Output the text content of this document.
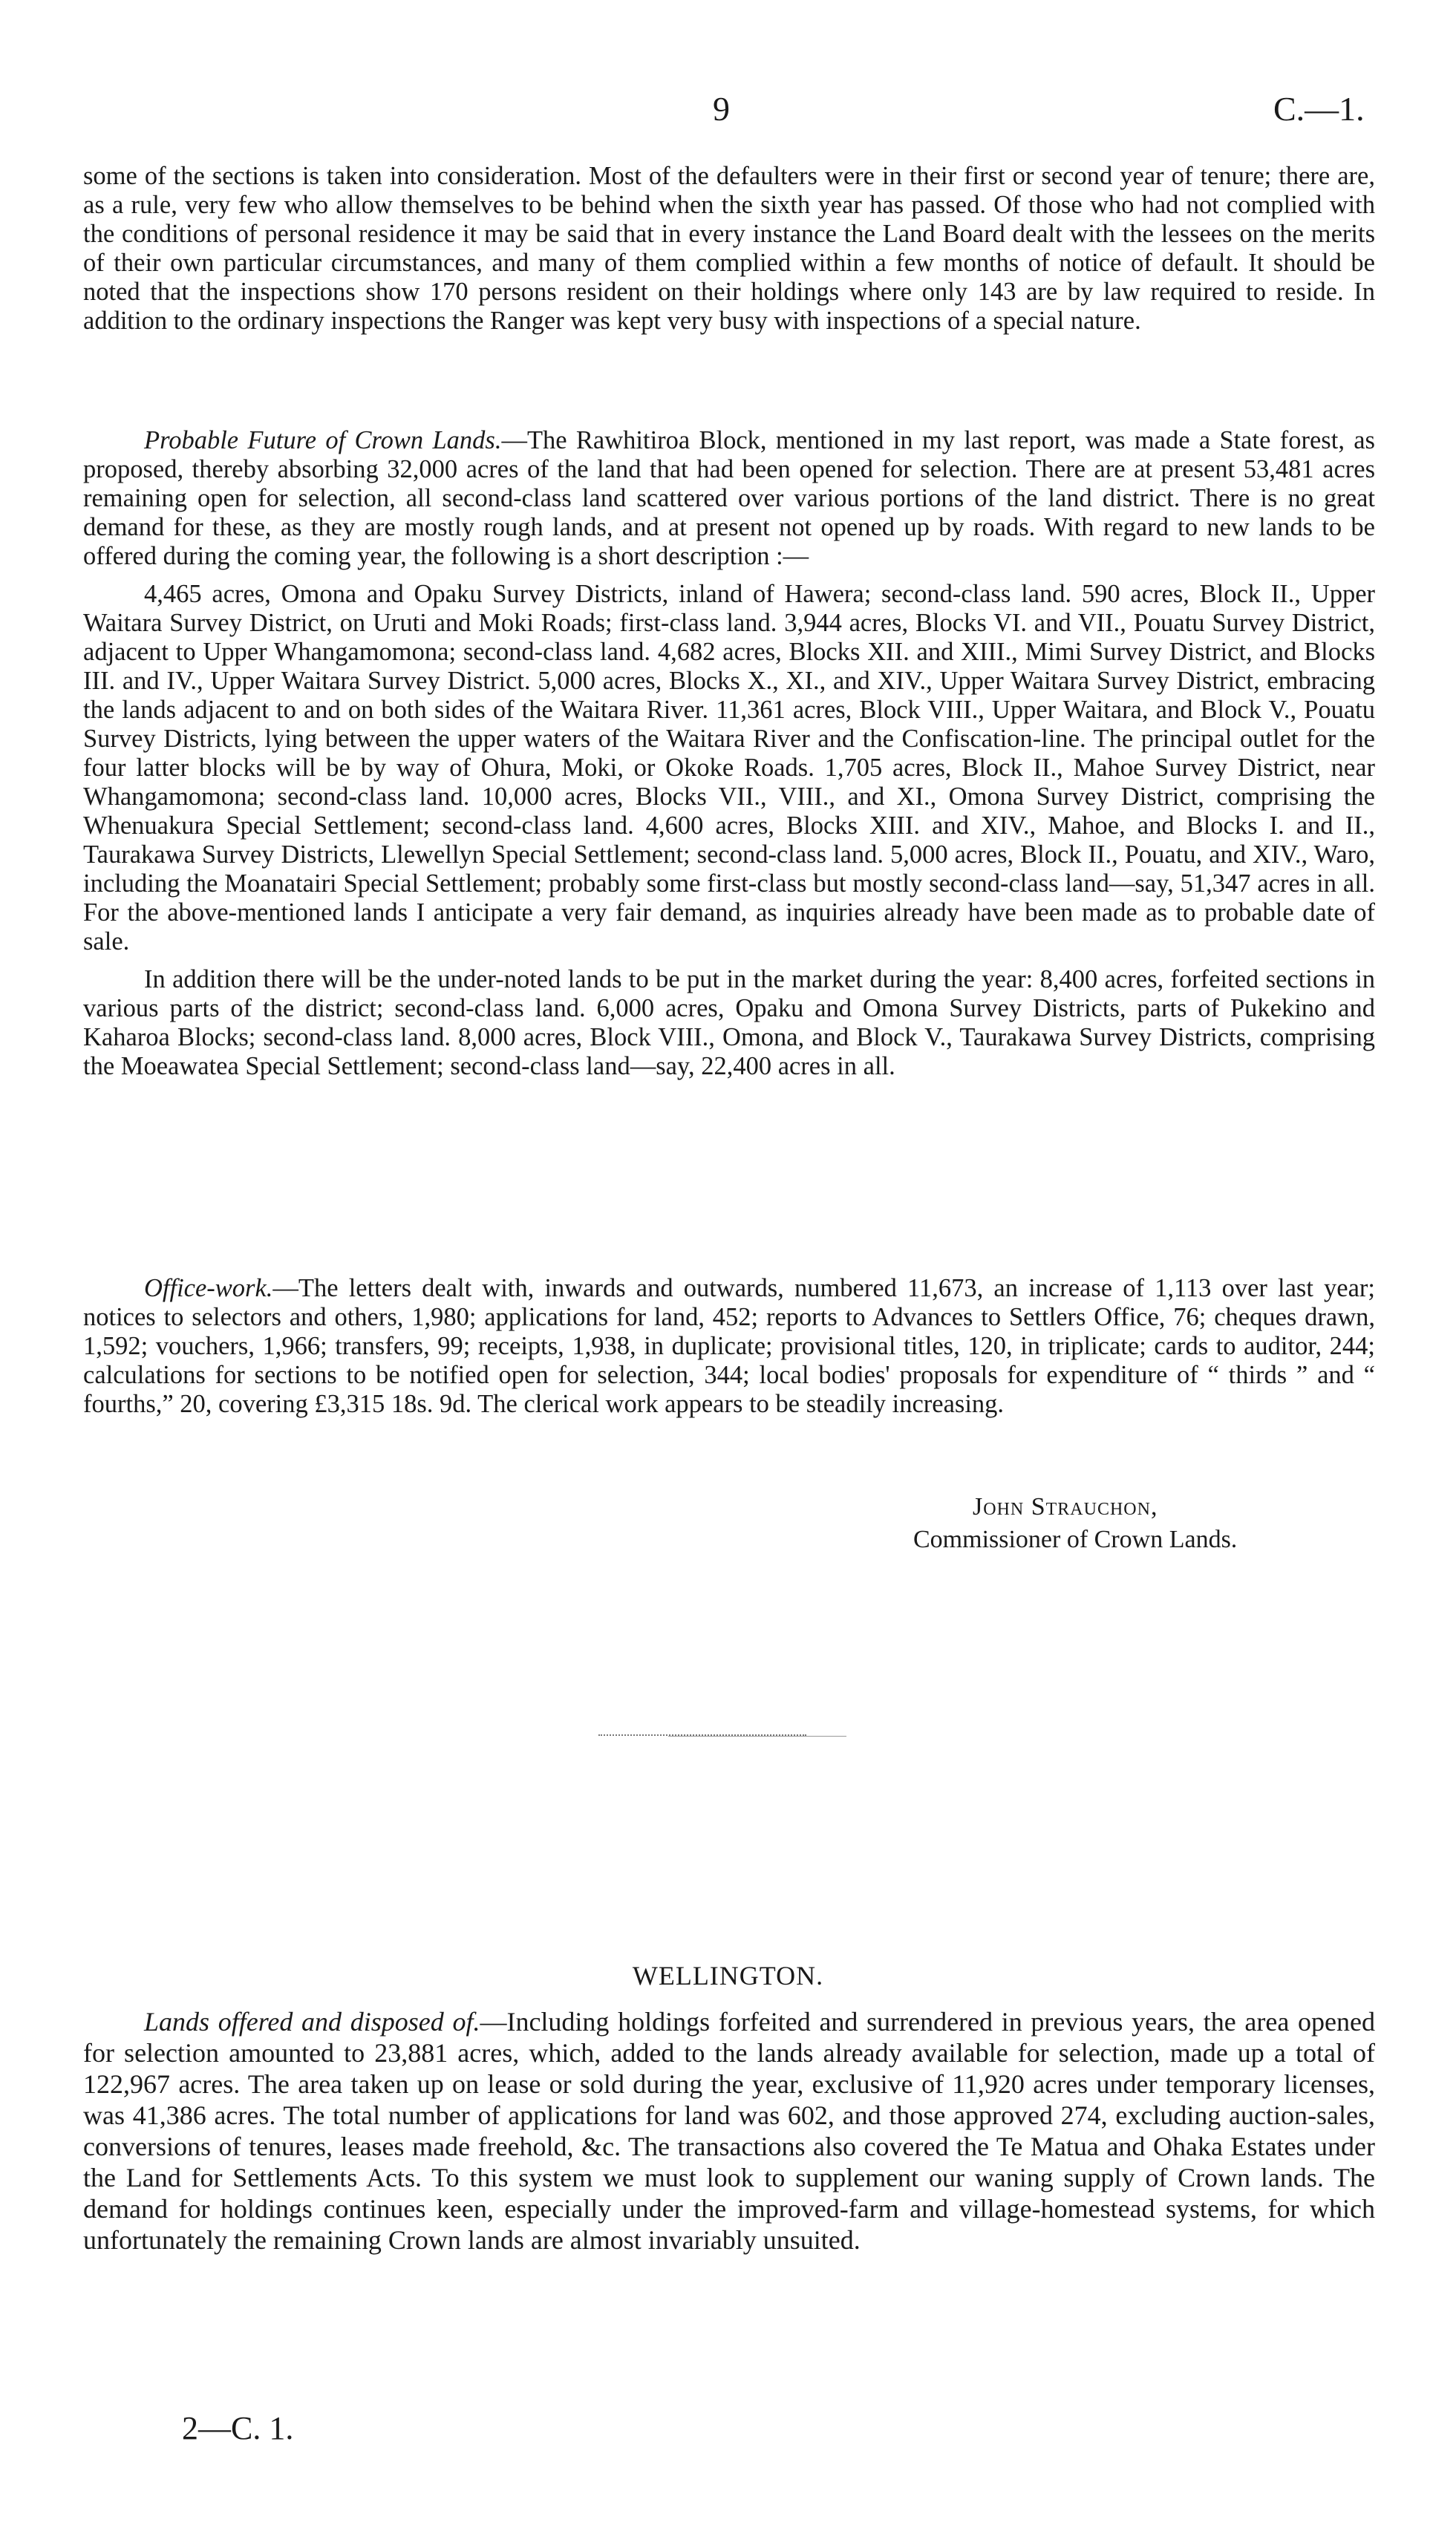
9	C.—1.

some of the sections is taken into consideration. Most of the defaulters were in their first or second year of tenure; there are, as a rule, very few who allow themselves to be behind when the sixth year has passed. Of those who had not complied with the conditions of personal residence it may be said that in every instance the Land Board dealt with the lessees on the merits of their own particular circumstances, and many of them complied within a few months of notice of default. It should be noted that the inspections show 170 persons resident on their holdings where only 143 are by law required to reside. In addition to the ordinary inspections the Ranger was kept very busy with inspections of a special nature.

Probable Future of Crown Lands.—The Rawhitiroa Block, mentioned in my last report, was made a State forest, as proposed, thereby absorbing 32,000 acres of the land that had been opened for selection. There are at present 53,481 acres remaining open for selection, all second-class land scattered over various portions of the land district. There is no great demand for these, as they are mostly rough lands, and at present not opened up by roads. With regard to new lands to be offered during the coming year, the following is a short description :—

4,465 acres, Omona and Opaku Survey Districts, inland of Hawera; second-class land. 590 acres, Block II., Upper Waitara Survey District, on Uruti and Moki Roads; first-class land. 3,944 acres, Blocks VI. and VII., Pouatu Survey District, adjacent to Upper Whangamomona; second-class land. 4,682 acres, Blocks XII. and XIII., Mimi Survey District, and Blocks III. and IV., Upper Waitara Survey District. 5,000 acres, Blocks X., XI., and XIV., Upper Waitara Survey District, embracing the lands adjacent to and on both sides of the Waitara River. 11,361 acres, Block VIII., Upper Waitara, and Block V., Pouatu Survey Districts, lying between the upper waters of the Waitara River and the Confiscation-line. The principal outlet for the four latter blocks will be by way of Ohura, Moki, or Okoke Roads. 1,705 acres, Block II., Mahoe Survey District, near Whangamomona; second-class land. 10,000 acres, Blocks VII., VIII., and XI., Omona Survey District, comprising the Whenuakura Special Settlement; second-class land. 4,600 acres, Blocks XIII. and XIV., Mahoe, and Blocks I. and II., Taurakawa Survey Districts, Llewellyn Special Settlement; second-class land. 5,000 acres, Block II., Pouatu, and XIV., Waro, including the Moanatairi Special Settlement; probably some first-class but mostly second-class land—say, 51,347 acres in all. For the above-mentioned lands I anticipate a very fair demand, as inquiries already have been made as to probable date of sale.

In addition there will be the under-noted lands to be put in the market during the year: 8,400 acres, forfeited sections in various parts of the district; second-class land. 6,000 acres, Opaku and Omona Survey Districts, parts of Pukekino and Kaharoa Blocks; second-class land. 8,000 acres, Block VIII., Omona, and Block V., Taurakawa Survey Districts, comprising the Moeawatea Special Settlement; second-class land—say, 22,400 acres in all.

Office-work.—The letters dealt with, inwards and outwards, numbered 11,673, an increase of 1,113 over last year; notices to selectors and others, 1,980; applications for land, 452; reports to Advances to Settlers Office, 76; cheques drawn, 1,592; vouchers, 1,966; transfers, 99; receipts, 1,938, in duplicate; provisional titles, 120, in triplicate; cards to auditor, 244; calculations for sections to be notified open for selection, 344; local bodies' proposals for expenditure of “ thirds ” and “ fourths,” 20, covering £3,315 18s. 9d. The clerical work appears to be steadily increasing.

John Strauchon,
Commissioner of Crown Lands.
WELLINGTON.

Lands offered and disposed of.—Including holdings forfeited and surrendered in previous years, the area opened for selection amounted to 23,881 acres, which, added to the lands already available for selection, made up a total of 122,967 acres. The area taken up on lease or sold during the year, exclusive of 11,920 acres under temporary licenses, was 41,386 acres. The total number of applications for land was 602, and those approved 274, excluding auction-sales, conversions of tenures, leases made freehold, &c. The transactions also covered the Te Matua and Ohaka Estates under the Land for Settlements Acts. To this system we must look to supplement our waning supply of Crown lands. The demand for holdings continues keen, especially under the improved-farm and village-homestead systems, for which unfortunately the remaining Crown lands are almost invariably unsuited.

2—C. 1.
